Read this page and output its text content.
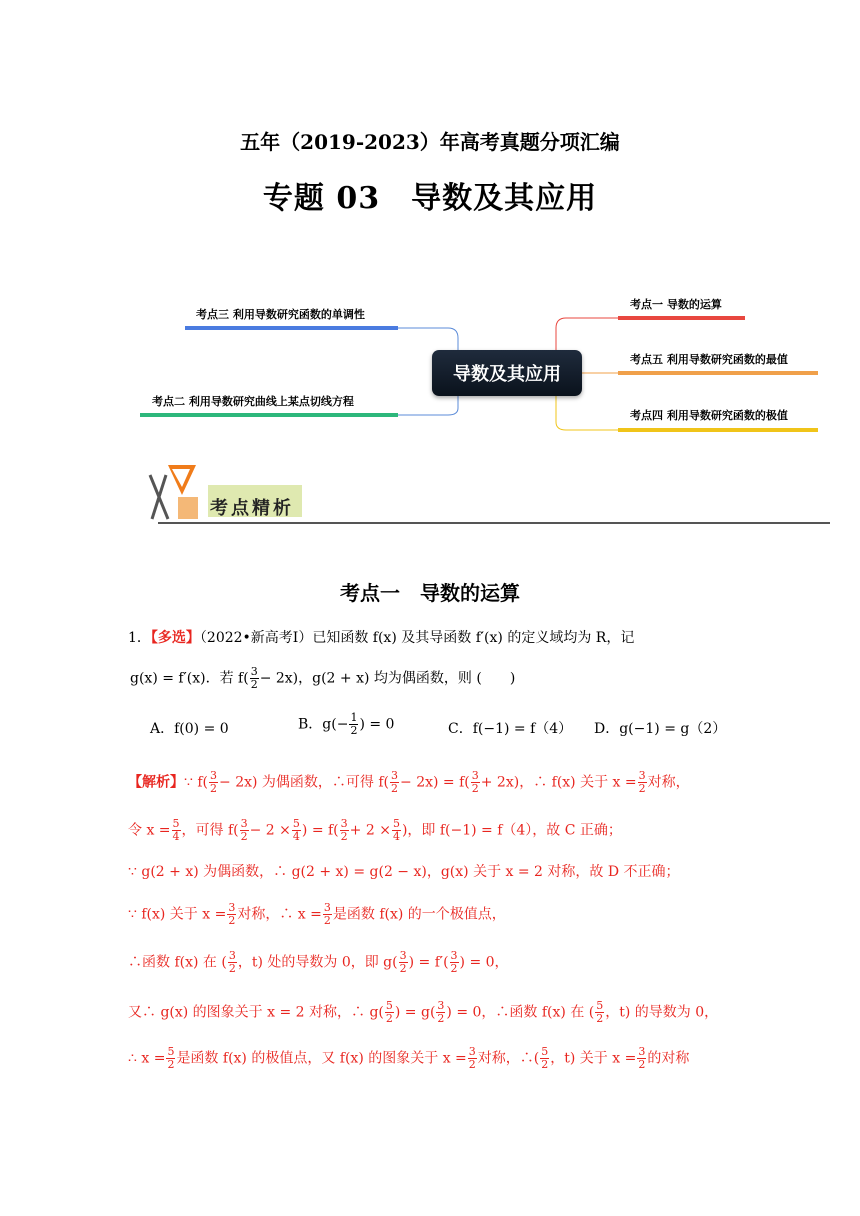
五年（2019-2023）年高考真题分项汇编
专题 03　导数及其应用
导数及其应用
考点三 利用导数研究函数的单调性
考点二 利用导数研究曲线上某点切线方程
考点一 导数的运算
考点五 利用导数研究函数的最值
考点四 利用导数研究函数的极值
考点精析
考点一　导数的运算
1．【多选】（2022•新高考Ⅰ）已知函数 f(x) 及其导函数 f′(x) 的定义域均为 R，记
g(x) = f′(x)．若 $f( \frac{3}{2} - 2x)$，g(2 + x) 均为偶函数，则 (　　)
A．f(0) = 0	B．$g(- \frac{1}{2}$ ) = 0	C．f(−1) = f（4） D．g(−1) = g（2）
【解析】∵ $f( \frac{3}{2} - 2x)$ 为偶函数，∴可得 $f( \frac{3}{2} - 2x) = f( \frac{3}{2} + 2x)$，∴ f(x) 关于 $x = \frac{3}{2}$ 对称，
令 $x = \frac{5}{4}$ ，可得 $f( \frac{3}{2} - 2 \times \frac{5}{4}$ ) = $f( \frac{3}{2} + 2 \times \frac{5}{4}$ )，即 f(−1) = f（4），故 C 正确；
∵ g(2 + x) 为偶函数，∴ g(2 + x) = g(2 − x)，g(x) 关于 x = 2 对称，故 D 不正确；
∵ f(x) 关于 $x = \frac{3}{2}$ 对称，∴ $x = \frac{3}{2}$ 是函数 f(x) 的一个极值点，
∴函数 f(x) 在 ( $\frac{3}{2}$ ，t) 处的导数为 0，即 $g( \frac{3}{2}$ ) = $f'( \frac{3}{2}$ ) = 0，
又∴ g(x) 的图象关于 x = 2 对称，∴ $g( \frac{5}{2}$ ) = $g( \frac{3}{2}$ ) = 0，∴函数 f(x) 在 ( $\frac{5}{2}$ ，t) 的导数为 0，
∴ $x = \frac{5}{2}$ 是函数 f(x) 的极值点，又 f(x) 的图象关于 $x = \frac{3}{2}$ 对称，∴( $\frac{5}{2}$ ，t) 关于 $x = \frac{3}{2}$ 的对称
